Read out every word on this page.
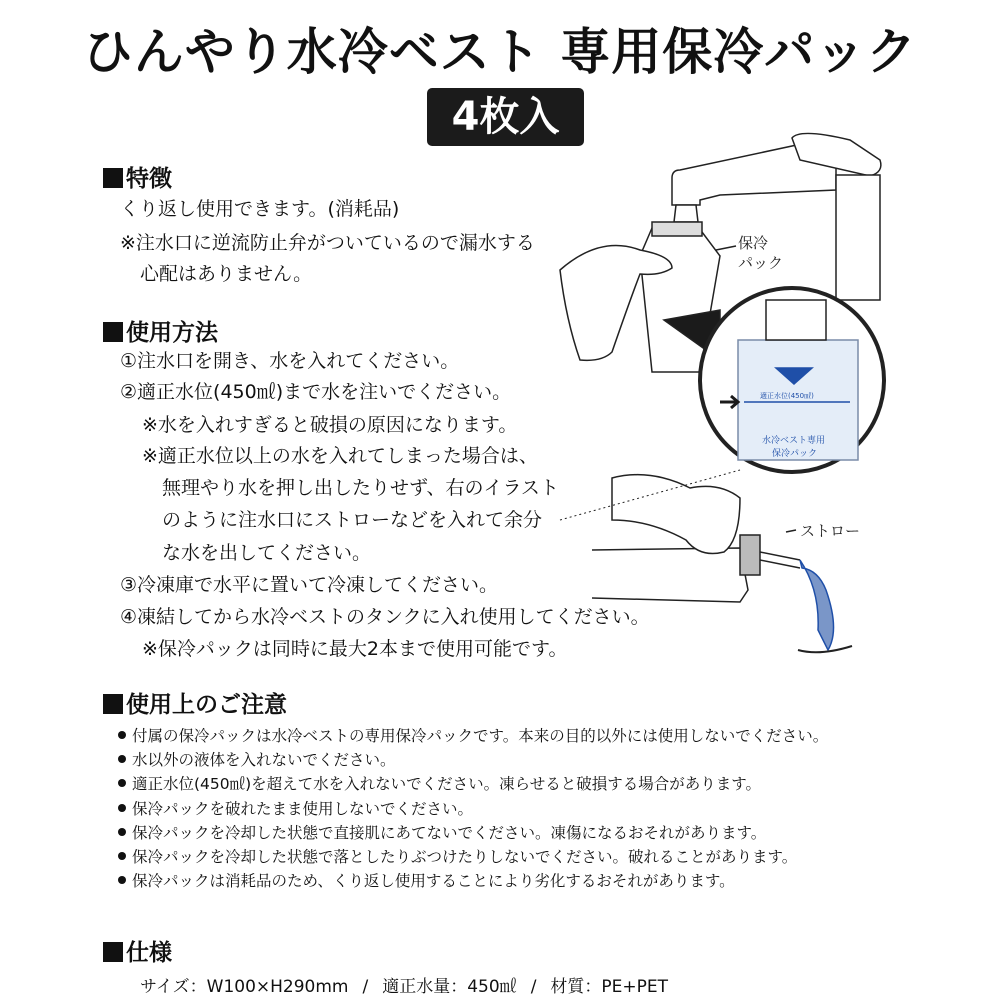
ひんやり水冷ベスト 専用保冷パック
4枚入
特徴
くり返し使用できます。(消耗品)
※注水口に逆流防止弁がついているので漏水する
心配はありません。
使用方法
①注水口を開き、水を入れてください。
②適正水位(450㎖)まで水を注いでください。
※水を入れすぎると破損の原因になります。
※適正水位以上の水を入れてしまった場合は、
無理やり水を押し出したりせず、右のイラスト
のように注水口にストローなどを入れて余分
な水を出してください。
③冷凍庫で水平に置いて冷凍してください。
④凍結してから水冷ベストのタンクに入れ使用してください。
※保冷パックは同時に最大2本まで使用可能です。
使用上のご注意
付属の保冷パックは水冷ベストの専用保冷パックです。本来の目的以外には使用しないでください。
水以外の液体を入れないでください。
適正水位(450㎖)を超えて水を入れないでください。凍らせると破損する場合があります。
保冷パックを破れたまま使用しないでください。
保冷パックを冷却した状態で直接肌にあてないでください。凍傷になるおそれがあります。
保冷パックを冷却した状態で落としたりぶつけたりしないでください。破れることがあります。
保冷パックは消耗品のため、くり返し使用することにより劣化するおそれがあります。
仕様
サイズ：W100×H290mm / 適正水量：450㎖ / 材質：PE+PET
保冷
パック
ストロー
適正水位(450㎖)
水冷ベスト専用
保冷パック
